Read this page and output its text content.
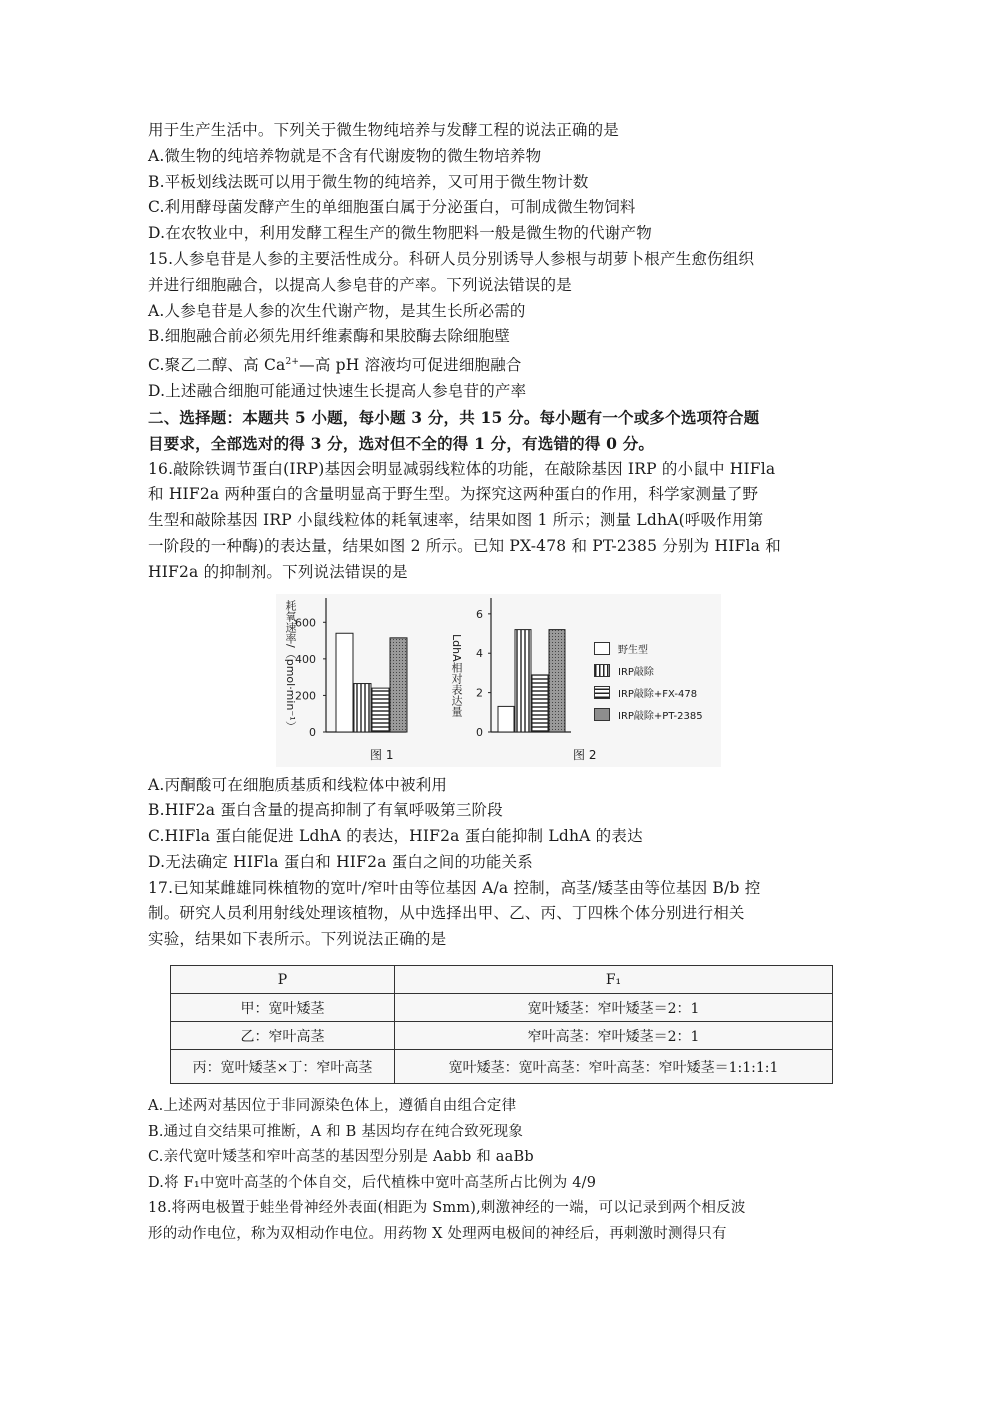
用于生产生活中。下列关于微生物纯培养与发酵工程的说法正确的是
A.微生物的纯培养物就是不含有代谢废物的微生物培养物
B.平板划线法既可以用于微生物的纯培养，又可用于微生物计数
C.利用酵母菌发酵产生的单细胞蛋白属于分泌蛋白，可制成微生物饲料
D.在农牧业中，利用发酵工程生产的微生物肥料一般是微生物的代谢产物
15.人参皂苷是人参的主要活性成分。科研人员分别诱导人参根与胡萝卜根产生愈伤组织
并进行细胞融合，以提高人参皂苷的产率。下列说法错误的是
A.人参皂苷是人参的次生代谢产物，是其生长所必需的
B.细胞融合前必须先用纤维素酶和果胶酶去除细胞壁
C.聚乙二醇、高 $Ca^{2+}—$高 pH 溶液均可促进细胞融合
D.上述融合细胞可能通过快速生长提高人参皂苷的产率
二、选择题：本题共 5 小题，每小题 3 分，共 15 分。每小题有一个或多个选项符合题
目要求，全部选对的得 3 分，选对但不全的得 1 分，有选错的得 0 分。
16.敲除铁调节蛋白(IRP)基因会明显减弱线粒体的功能，在敲除基因 IRP 的小鼠中 HIFla
和 HIF2a 两种蛋白的含量明显高于野生型。为探究这两种蛋白的作用，科学家测量了野
生型和敲除基因 IRP 小鼠线粒体的耗氧速率，结果如图 1 所示；测量 LdhA(呼吸作用第
一阶段的一种酶)的表达量，结果如图 2 所示。已知 PX-478 和 PT-2385 分别为 HIFla 和
HIF2a 的抑制剂。下列说法错误的是
0
200
400
600
0
2
4
6
耗氧速率/（pmol·min⁻¹）	LdhA相对表达量
图 1	图 2
野生型
IRP敲除
IRP敲除+FX-478
IRP敲除+PT-2385
A.丙酮酸可在细胞质基质和线粒体中被利用
B.HIF2a 蛋白含量的提高抑制了有氧呼吸第三阶段
C.HIFla 蛋白能促进 LdhA 的表达，HIF2a 蛋白能抑制 LdhA 的表达
D.无法确定 HIFla 蛋白和 HIF2a 蛋白之间的功能关系
17.已知某雌雄同株植物的宽叶/窄叶由等位基因 A/a 控制，高茎/矮茎由等位基因 B/b 控
制。研究人员利用射线处理该植物，从中选择出甲、乙、丙、丁四株个体分别进行相关
实验，结果如下表所示。下列说法正确的是
P	F₁
甲：宽叶矮茎	宽叶矮茎：窄叶矮茎＝2：1
乙：窄叶高茎	窄叶高茎：窄叶矮茎＝2：1
丙：宽叶矮茎×丁：窄叶高茎	宽叶矮茎：宽叶高茎：窄叶高茎：窄叶矮茎＝1:1:1:1
A.上述两对基因位于非同源染色体上，遵循自由组合定律
B.通过自交结果可推断，A 和 B 基因均存在纯合致死现象
C.亲代宽叶矮茎和窄叶高茎的基因型分别是 Aabb 和 aaBb
D.将 F₁中宽叶高茎的个体自交，后代植株中宽叶高茎所占比例为 4/9
18.将两电极置于蛙坐骨神经外表面(相距为 Smm),刺激神经的一端，可以记录到两个相反波
形的动作电位，称为双相动作电位。用药物 X 处理两电极间的神经后，再刺激时测得只有
